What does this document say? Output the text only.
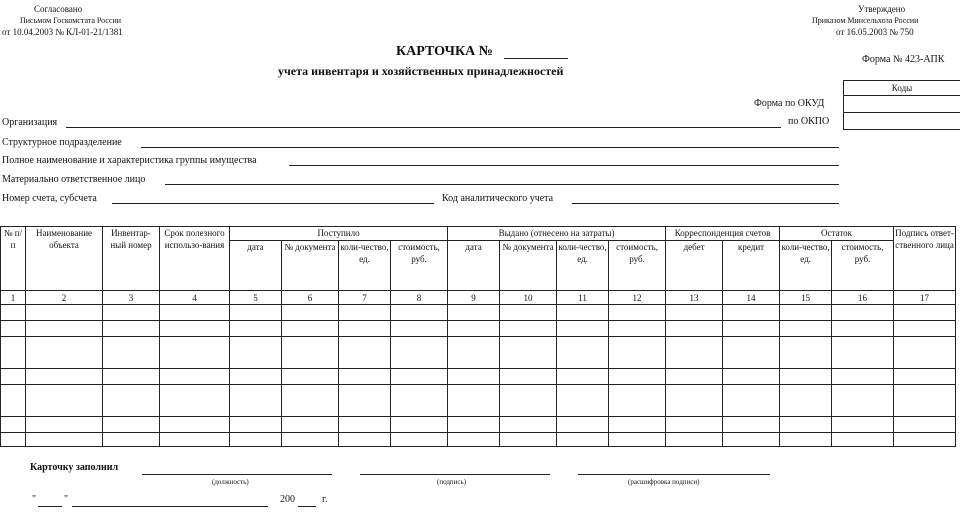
Согласовано
Письмом Госкомстата России
от 10.04.2003 № КЛ-01-21/1381
Утверждено
Приказом Минсельхоза России
от 16.05.2003 № 750
КАРТОЧКА №
учета инвентаря и хозяйственных принадлежностей
Форма № 423-АПК
Коды
Форма по ОКУД
по ОКПО
Организация
Структурное подразделение
Полное наименование и характеристика группы имущества
Материально ответственное лицо
Номер счета, субсчета	Код аналитического учета
№ п/п	Наименование объекта	Инвентар-ный номер	Срок полезного использо-вания	Поступило				Выдано (отнесено на затраты)				Корреспонденция счетов		Остаток		Подпись ответ-ственного лица
				дата	№ документа	коли-чество, ед.	стоимость, руб.	дата	№ документа	коли-чество, ед.	стоимость, руб.	дебет	кредит	коли-чество, ед.	стоимость, руб.	
1	2	3	4	5	6	7	8	9	10	11	12	13	14	15	16	17

Карточку заполнил
(должность)	(подпись)	(расшифровка подписи)
"	"	200	г.
